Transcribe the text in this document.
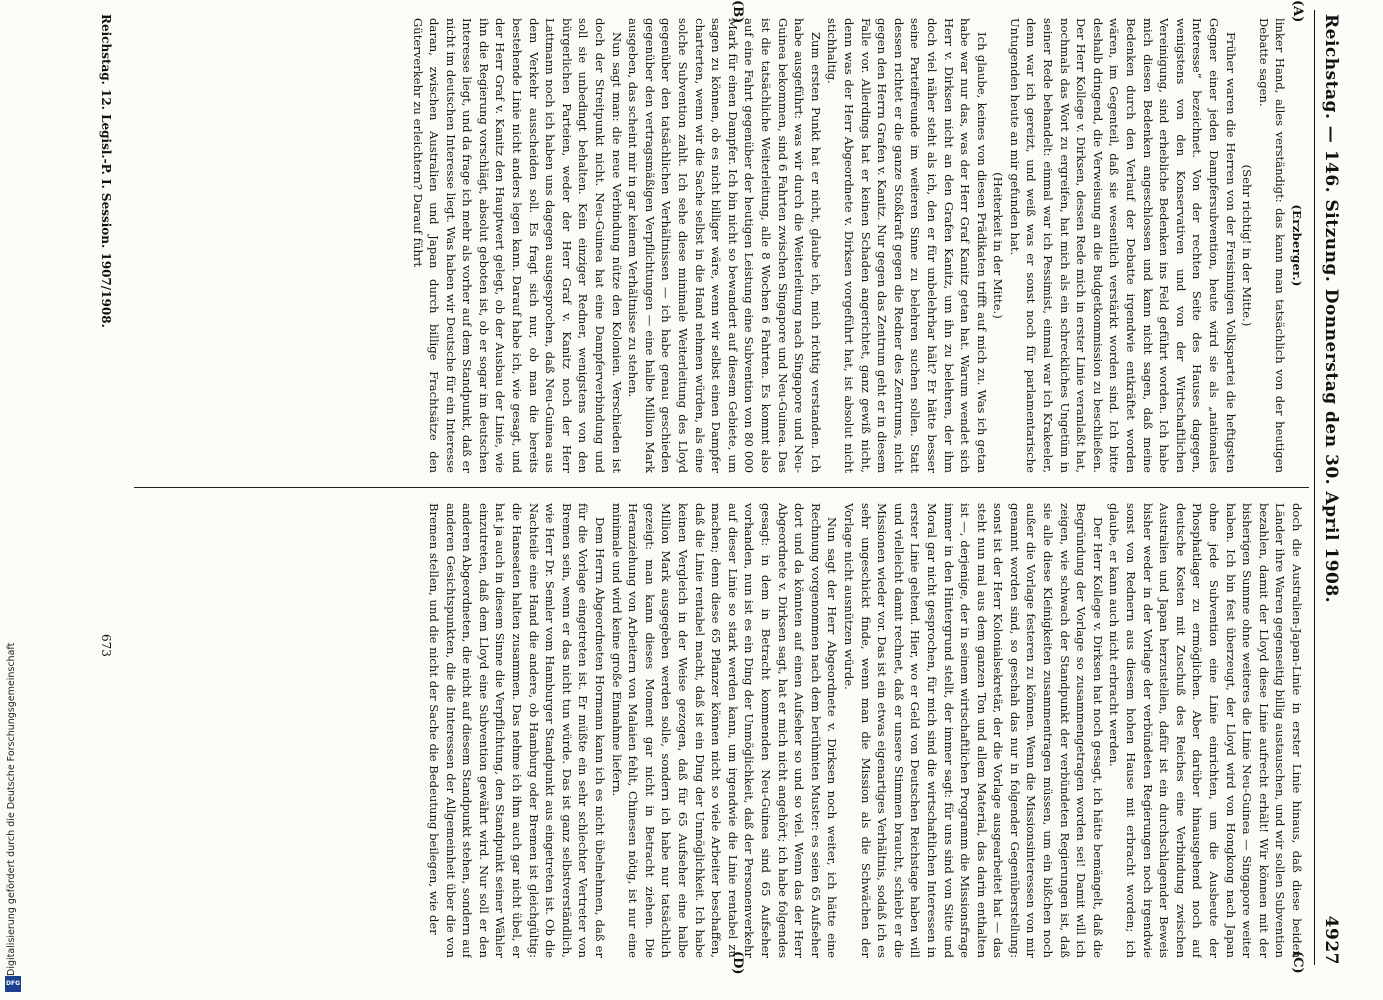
Reichstag. — 146. Sitzung. Donnerstag den 30. April 1908.
4927
(A)
(B)
(C)
(D)

(Erzberger.)

linker Hand, alles verständigt: das kann man tatsächlich von der heutigen Debatte sagen.

(Sehr richtig! in der Mitte.)

Früher waren die Herren von der Freisinnigen Volkspartei die heftigsten Gegner einer jeden Dampfersubvention, heute wird sie als „nationales Interesse“ bezeichnet. Von der rechten Seite des Hauses dagegen, wenigstens von den Konservativen und von der Wirtschaftlichen Vereinigung, sind erhebliche Bedenken ins Feld geführt worden. Ich habe mich diesen Bedenken angeschlossen und kann nicht sagen, daß meine Bedenken durch den Verlauf der Debatte irgendwie entkräftet worden wären, im Gegenteil, daß sie wesentlich verstärkt worden sind. Ich bitte deshalb dringend, die Verweisung an die Budgetkommission zu beschließen. Der Herr Kollege v. Dirksen, dessen Rede mich in erster Linie veranlaßt hat, nochmals das Wort zu ergreifen, hat mich als ein schreckliches Ungetüm in seiner Rede behandelt: einmal war ich Pessimist, einmal war ich Krakeeler, denn war ich gereizt, und weiß was er sonst noch für parlamentarische Untugenden heute an mir gefunden hat.

(Heiterkeit in der Mitte.)

Ich glaube, keines von diesen Prädikaten trifft auf mich zu. Was ich getan habe war nur das, was der Herr Graf Kanitz getan hat. Warum wendet sich Herr v. Dirksen nicht an den Grafen Kanitz, um ihn zu belehren, der ihm doch viel näher steht als ich, den er für unbelehrbar hält? Er hätte besser seine Parteifreunde im weiteren Sinne zu belehren suchen sollen. Statt dessen richtet er die ganze Stoßkraft gegen die Redner des Zentrums, nicht gegen den Herrn Grafen v. Kanitz. Nur gegen das Zentrum geht er in diesem Falle vor. Allerdings hat er keinen Schaden angerichtet, ganz gewiß nicht, denn was der Herr Abgeordnete v. Dirksen vorgeführt hat, ist absolut nicht stichhaltig.

Zum ersten Punkt hat er nicht, glaube ich, mich richtig verstanden. Ich habe ausgeführt: was wir durch die Weiterleitung nach Singapore und Neu-Guinea bekommen, sind 6 Fahrten zwischen Singapore und Neu-Guinea. Das ist die tatsächliche Weiterleitung, alle 8 Wochen 6 Fahrten. Es kommt also auf eine Fahrt gegenüber der heutigen Leistung eine Subvention von 80 000 Mark für einen Dampfer. Ich bin nicht so bewandert auf diesem Gebiete, um sagen zu können, ob es nicht billiger wäre, wenn wir selbst einen Dampfer charterten, wenn wir die Sache selbst in die Hand nehmen würden, als eine solche Subvention zahlt. Ich sehe diese minimale Weiterleitung des Lloyd gegenüber den tatsächlichen Verhältnissen — ich habe genau geschieden gegenüber den vertragsmäßigen Verpflichtungen — eine halbe Million Mark ausgeben, das scheint mir in gar keinem Verhältnisse zu stehen.

Nun sagt man: die neue Verbindung nütze den Kolonien. Verschieden ist doch der Streitpunkt nicht. Neu-Guinea hat eine Dampferverbindung und soll sie unbedingt behalten. Kein einziger Redner, wenigstens von den bürgerlichen Parteien, weder der Herr Graf v. Kanitz noch der Herr Lattmann noch ich haben uns dagegen ausgesprochen, daß Neu-Guinea aus dem Verkehr ausscheiden soll. Es fragt sich nur, ob man die bereits bestehende Linie nicht anders legen kann. Darauf habe ich, wie gesagt, und der Herr Graf v. Kanitz den Hauptwert gelegt, ob der Ausbau der Linie, wie ihn die Regierung vorschlägt, absolut geboten ist, ob er sogar im deutschen Interesse liegt, und da frage ich mehr als vorher auf dem Standpunkt, daß er nicht im deutschen Interesse liegt. Was haben wir Deutsche für ein Interesse daran, zwischen Australien und Japan durch billige Frachtsätze den Güterverkehr zu erleichtern? Darauf führt

doch die Australien-Japan-Linie in erster Linie hinaus, daß diese beiden Länder ihre Waren gegenseitig billig austauschen, und wir sollen Subvention bezahlen, damit der Lloyd diese Linie aufrecht erhält! Wir können mit der bisherigen Summe ohne weiteres die Linie Neu-Guinea — Singapore weiter haben. Ich bin fest überzeugt, der Lloyd wird von Hongkong nach Japan ohne jede Subvention eine Linie einrichten, um die Ausbeute der Phosphatlager zu ermöglichen. Aber darüber hinausgehend noch auf deutsche Kosten mit Zuschuß des Reiches eine Verbindung zwischen Australien und Japan herzustellen, dafür ist ein durchschlagender Beweis bisher weder in der Vorlage der verbündeten Regierungen noch irgendwie sonst von Rednern aus diesem hohen Hause mit erbracht worden; ich glaube, er kann auch nicht erbracht werden.

Der Herr Kollege v. Dirksen hat noch gesagt, ich hätte bemängelt, daß die Begründung der Vorlage so zusammengetragen worden sei! Damit will ich zeigen, wie schwach der Standpunkt der verbündeten Regierungen ist, daß sie alle diese Kleinigkeiten zusammentragen müssen, um ein bißchen noch außer die Vorlage festeren zu können. Wenn die Missionsinteressen von mir genannt worden sind, so geschah das nur in folgender Gegenüberstellung: sonst ist der Herr Kolonialsekretär, der die Vorlage ausgearbeitet hat — das steht nun mal aus dem ganzen Ton und allem Material, das darin enthalten ist —, derjenige, der in seinem wirtschaftlichen Programm die Missionsfrage immer in den Hintergrund stellt, der immer sagt: für uns sind von Sitte und Moral gar nicht gesprochen, für mich sind die wirtschaftlichen Interessen in erster Linie geltend. Hier, wo er Geld von Deutschen Reichstage haben will und vielleicht damit rechnet, daß er unsere Stimmen braucht, schiebt er die Missionen wieder vor. Das ist ein etwas eigenartiges Verhältnis, sodaß ich es sehr ungeschickt finde, wenn man die Mission als die Schwächen der Vorlage nicht ausnützen würde.

Nun sagt der Herr Abgeordnete v. Dirksen noch weiter, ich hätte eine Rechnung vorgenommen nach dem berühmten Muster: es seien 65 Aufseher dort und da könnten auf einen Aufseher so und so viel. Wenn das der Herr Abgeordnete v. Dirksen sagt, hat er mich nicht angehört; ich habe folgendes gesagt: in dem in Betracht kommenden Neu-Guinea sind 65 Aufseher vorhanden, nun ist es ein Ding der Unmöglichkeit, daß der Personenverkehr auf dieser Linie so stark werden kann, um irgendwie die Linie rentabel zu machen; denn diese 65 Pflanzer können nicht so viele Arbeiter beschaffen, daß die Linie rentabel macht, daß ist ein Ding der Unmöglichkeit. Ich habe keinen Vergleich in der Weise gezogen, daß für 65 Aufseher eine halbe Million Mark ausgegeben werden solle, sondern ich habe nur tatsächlich gezeigt: man kann dieses Moment gar nicht in Betracht ziehen. Die Heranziehung von Arbeitern von Malaien fehlt, Chinesen nötig, ist nur eine minimale und wird keine große Einnahme liefern.

Dem Herrn Abgeordneten Hormann kann ich es nicht übelnehmen, daß er für die Vorlage eingetreten ist. Er müßte ein sehr schlechter Vertreter von Bremen sein, wenn er das nicht tun würde. Das ist ganz selbstverständlich, wie Herr Dr. Semler vom Hamburger Standpunkt aus eingetreten ist. Ob die Nachteile eine Hand die andere, ob Hamburg oder Bremen ist gleichgültig: die Hanseaten halten zusammen. Das nehme ich ihm auch gar nicht übel, er hat ja auch in diesem Sinne die Verpflichtung, den Standpunkt seiner Wähler einzutreten, daß dem Lloyd eine Subvention gewährt wird. Nur soll er den anderen Abgeordneten, die nicht auf diesem Standpunkt stehen, sondern auf anderen Gesichtspunkten, die die Interessen der Allgemeinheit über die von Bremen stellen, und die nicht der Sache die Bedeutung beilegen, wie der

Reichstag. 12. Legisl.-P. I. Session. 1907/1908.
673
Digitalisierung gefördert durch die Deutsche Forschungsgemeinschaft
DFG
